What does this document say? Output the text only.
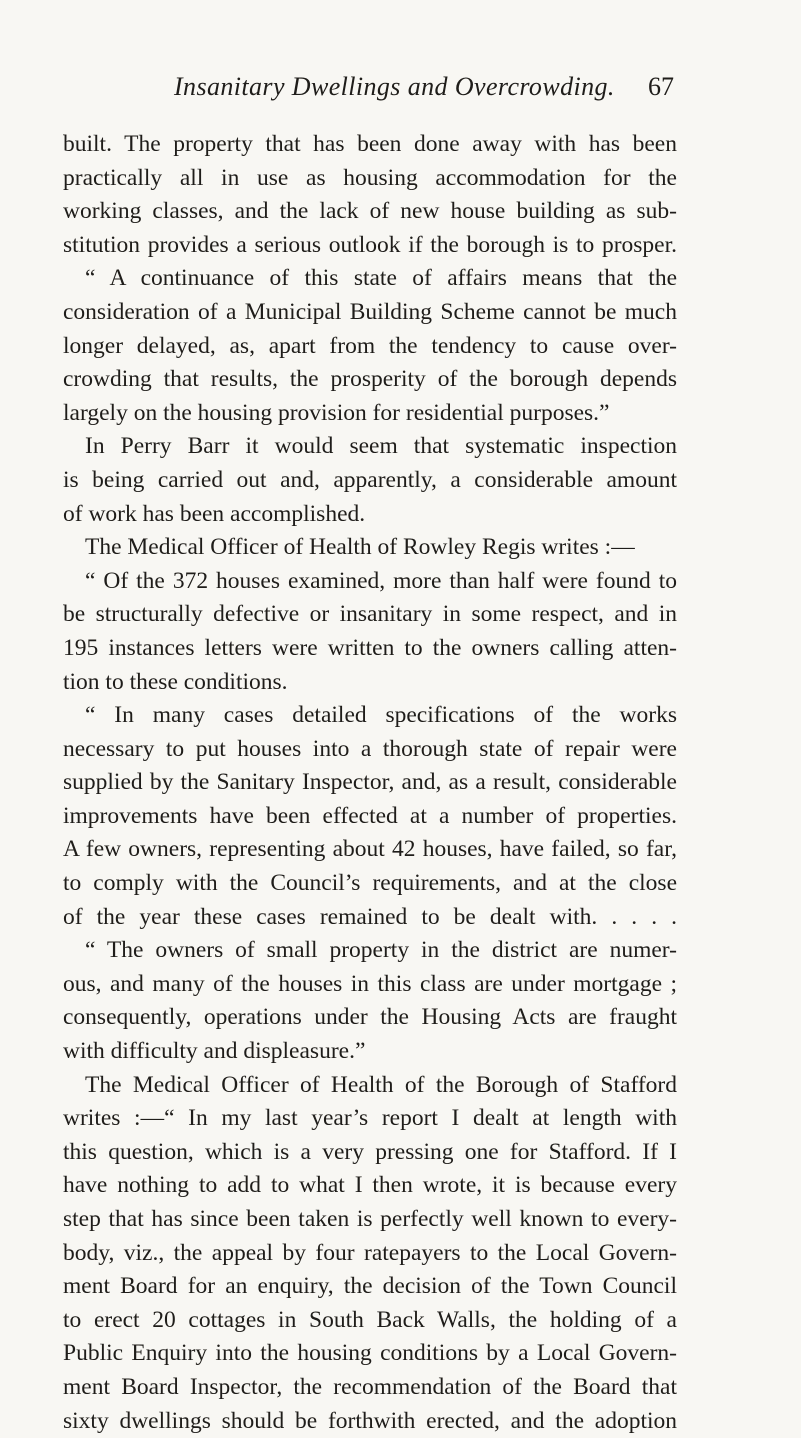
Insanitary Dwellings and Overcrowding. 67
built. The property that has been done away with has been
practically all in use as housing accommodation for the
working classes, and the lack of new house building as sub-
stitution provides a serious outlook if the borough is to prosper.
“ A continuance of this state of affairs means that the
consideration of a Municipal Building Scheme cannot be much
longer delayed, as, apart from the tendency to cause over-
crowding that results, the prosperity of the borough depends
largely on the housing provision for residential purposes.”
In Perry Barr it would seem that systematic inspection
is being carried out and, apparently, a considerable amount
of work has been accomplished.
The Medical Officer of Health of Rowley Regis writes :—
“ Of the 372 houses examined, more than half were found to
be structurally defective or insanitary in some respect, and in
195 instances letters were written to the owners calling atten-
tion to these conditions.
“ In many cases detailed specifications of the works
necessary to put houses into a thorough state of repair were
supplied by the Sanitary Inspector, and, as a result, considerable
improvements have been effected at a number of properties.
A few owners, representing about 42 houses, have failed, so far,
to comply with the Council’s requirements, and at the close
of the year these cases remained to be dealt with. . . . .
“ The owners of small property in the district are numer-
ous, and many of the houses in this class are under mortgage ;
consequently, operations under the Housing Acts are fraught
with difficulty and displeasure.”
The Medical Officer of Health of the Borough of Stafford
writes :—“ In my last year’s report I dealt at length with
this question, which is a very pressing one for Stafford. If I
have nothing to add to what I then wrote, it is because every
step that has since been taken is perfectly well known to every-
body, viz., the appeal by four ratepayers to the Local Govern-
ment Board for an enquiry, the decision of the Town Council
to erect 20 cottages in South Back Walls, the holding of a
Public Enquiry into the housing conditions by a Local Govern-
ment Board Inspector, the recommendation of the Board that
sixty dwellings should be forthwith erected, and the adoption
